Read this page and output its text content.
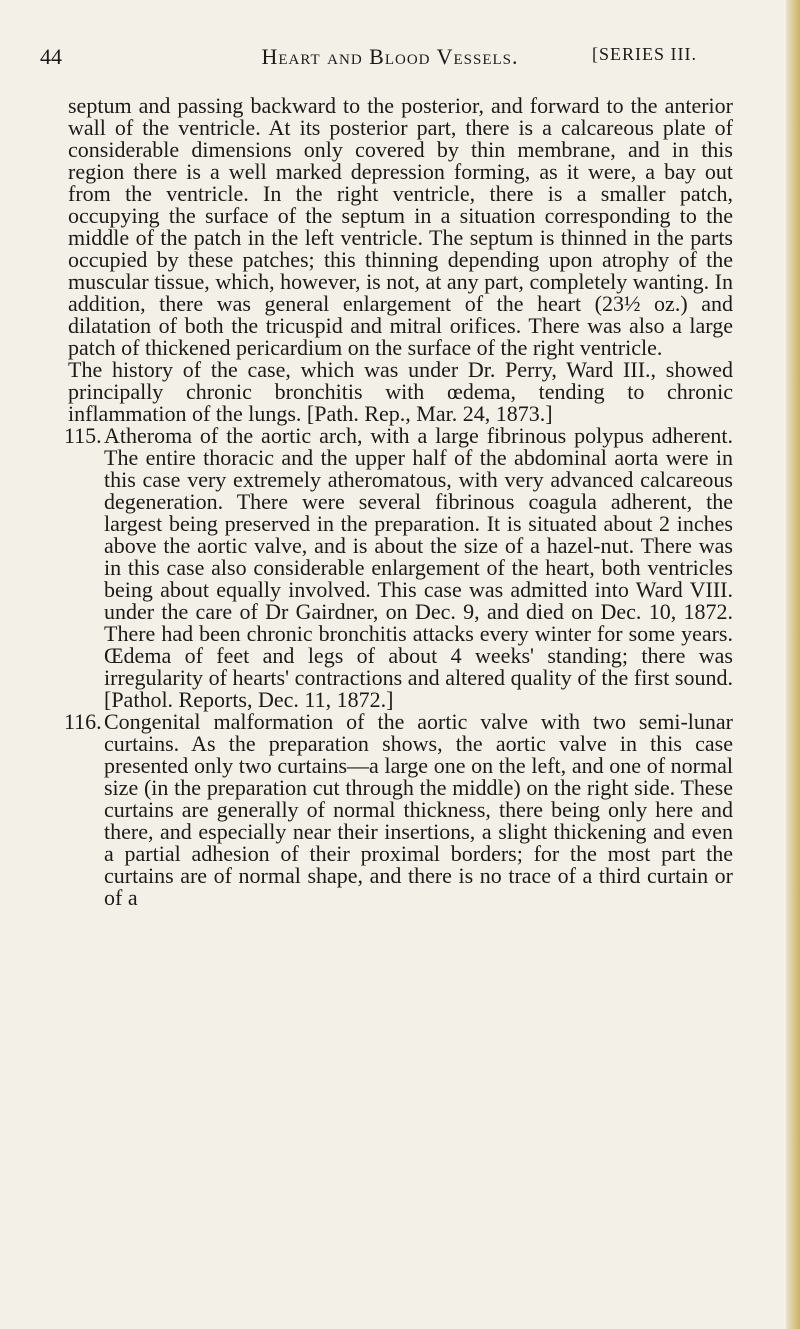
44	Heart and Blood Vessels.	[SERIES III.

septum and passing backward to the posterior, and forward to the anterior wall of the ventricle. At its posterior part, there is a calcareous plate of considerable dimensions only covered by thin membrane, and in this region there is a well marked depression forming, as it were, a bay out from the ventricle. In the right ventricle, there is a smaller patch, occupying the surface of the septum in a situation corresponding to the middle of the patch in the left ventricle. The septum is thinned in the parts occupied by these patches; this thinning depending upon atrophy of the muscular tissue, which, however, is not, at any part, completely wanting. In addition, there was general enlargement of the heart (23½ oz.) and dilatation of both the tricuspid and mitral orifices. There was also a large patch of thickened pericardium on the surface of the right ventricle.

The history of the case, which was under Dr. Perry, Ward III., showed principally chronic bronchitis with œdema, tending to chronic inflammation of the lungs. [Path. Rep., Mar. 24, 1873.]

115. Atheroma of the aortic arch, with a large fibrinous polypus adherent. The entire thoracic and the upper half of the abdominal aorta were in this case very extremely atheromatous, with very advanced calcareous degeneration. There were several fibrinous coagula adherent, the largest being preserved in the preparation. It is situated about 2 inches above the aortic valve, and is about the size of a hazel-nut. There was in this case also considerable enlargement of the heart, both ventricles being about equally involved. This case was admitted into Ward VIII. under the care of Dr Gairdner, on Dec. 9, and died on Dec. 10, 1872. There had been chronic bronchitis attacks every winter for some years. Œdema of feet and legs of about 4 weeks' standing; there was irregularity of hearts' contractions and altered quality of the first sound. [Pathol. Reports, Dec. 11, 1872.]

116. Congenital malformation of the aortic valve with two semi-lunar curtains. As the preparation shows, the aortic valve in this case presented only two curtains—a large one on the left, and one of normal size (in the preparation cut through the middle) on the right side. These curtains are generally of normal thickness, there being only here and there, and especially near their insertions, a slight thickening and even a partial adhesion of their proximal borders; for the most part the curtains are of normal shape, and there is no trace of a third curtain or of a
